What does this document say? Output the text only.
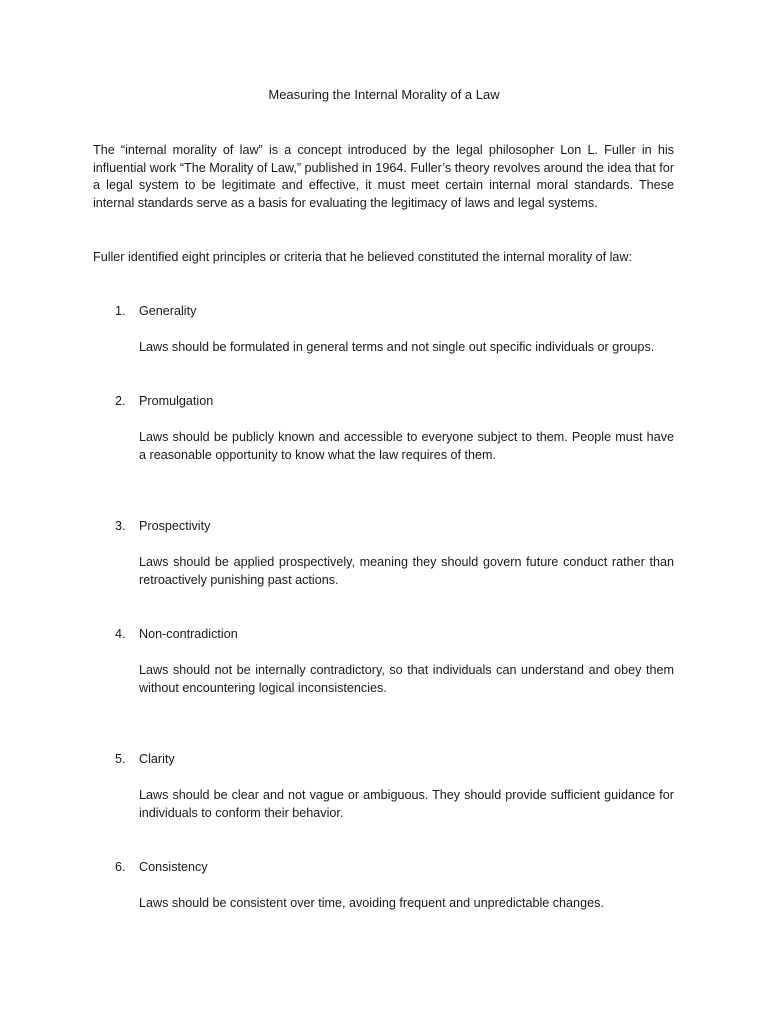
Measuring the Internal Morality of a Law

The “internal morality of law” is a concept introduced by the legal philosopher Lon L. Fuller in his influential work “The Morality of Law,” published in 1964. Fuller’s theory revolves around the idea that for a legal system to be legitimate and effective, it must meet certain internal moral standards. These internal standards serve as a basis for evaluating the legitimacy of laws and legal systems.

Fuller identified eight principles or criteria that he believed constituted the internal morality of law:

1.	Generality

Laws should be formulated in general terms and not single out specific individuals or groups.

2.	Promulgation

Laws should be publicly known and accessible to everyone subject to them. People must have a reasonable opportunity to know what the law requires of them.

3.	Prospectivity

Laws should be applied prospectively, meaning they should govern future conduct rather than retroactively punishing past actions.

4.	Non-contradiction

Laws should not be internally contradictory, so that individuals can understand and obey them without encountering logical inconsistencies.

5.	Clarity

Laws should be clear and not vague or ambiguous. They should provide sufficient guidance for individuals to conform their behavior.

6.	Consistency

Laws should be consistent over time, avoiding frequent and unpredictable changes.
